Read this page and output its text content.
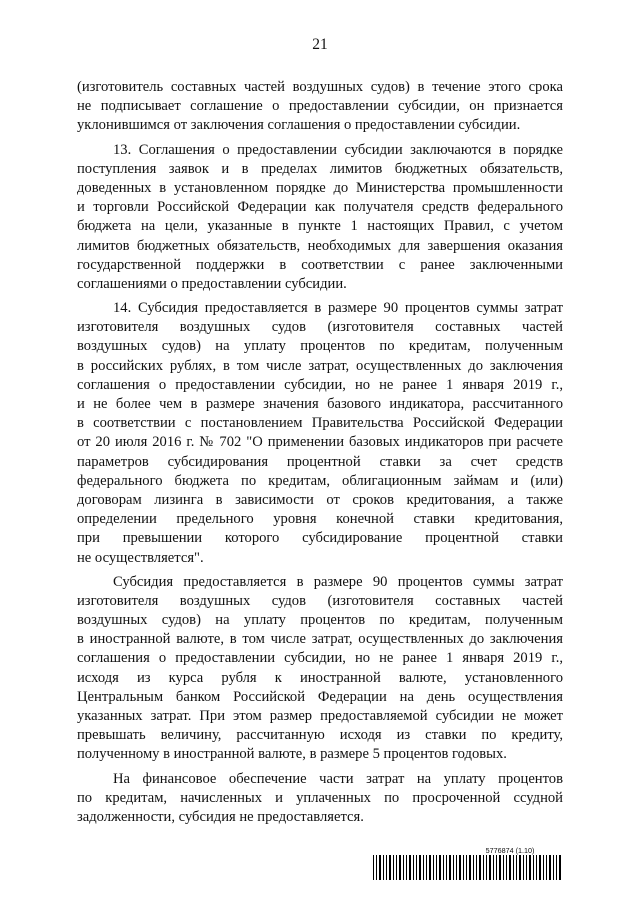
21
(изготовитель составных частей воздушных судов) в течение этого срока
не подписывает соглашение о предоставлении субсидии, он признается
уклонившимся от заключения соглашения о предоставлении субсидии.
13. Соглашения о предоставлении субсидии заключаются в порядке
поступления заявок и в пределах лимитов бюджетных обязательств,
доведенных в установленном порядке до Министерства промышленности
и торговли Российской Федерации как получателя средств федерального
бюджета на цели, указанные в пункте 1 настоящих Правил, с учетом
лимитов бюджетных обязательств, необходимых для завершения оказания
государственной поддержки в соответствии с ранее заключенными
соглашениями о предоставлении субсидии.
14. Субсидия предоставляется в размере 90 процентов суммы затрат
изготовителя воздушных судов (изготовителя составных частей
воздушных судов) на уплату процентов по кредитам, полученным
в российских рублях, в том числе затрат, осуществленных до заключения
соглашения о предоставлении субсидии, но не ранее 1 января 2019 г.,
и не более чем в размере значения базового индикатора, рассчитанного
в соответствии с постановлением Правительства Российской Федерации
от 20 июля 2016 г. № 702 "О применении базовых индикаторов при расчете
параметров субсидирования процентной ставки за счет средств
федерального бюджета по кредитам, облигационным займам и (или)
договорам лизинга в зависимости от сроков кредитования, а также
определении предельного уровня конечной ставки кредитования,
при превышении которого субсидирование процентной ставки
не осуществляется".
Субсидия предоставляется в размере 90 процентов суммы затрат
изготовителя воздушных судов (изготовителя составных частей
воздушных судов) на уплату процентов по кредитам, полученным
в иностранной валюте, в том числе затрат, осуществленных до заключения
соглашения о предоставлении субсидии, но не ранее 1 января 2019 г.,
исходя из курса рубля к иностранной валюте, установленного
Центральным банком Российской Федерации на день осуществления
указанных затрат. При этом размер предоставляемой субсидии не может
превышать величину, рассчитанную исходя из ставки по кредиту,
полученному в иностранной валюте, в размере 5 процентов годовых.
На финансовое обеспечение части затрат на уплату процентов
по кредитам, начисленных и уплаченных по просроченной ссудной
задолженности, субсидия не предоставляется.
5776874 (1.10)
